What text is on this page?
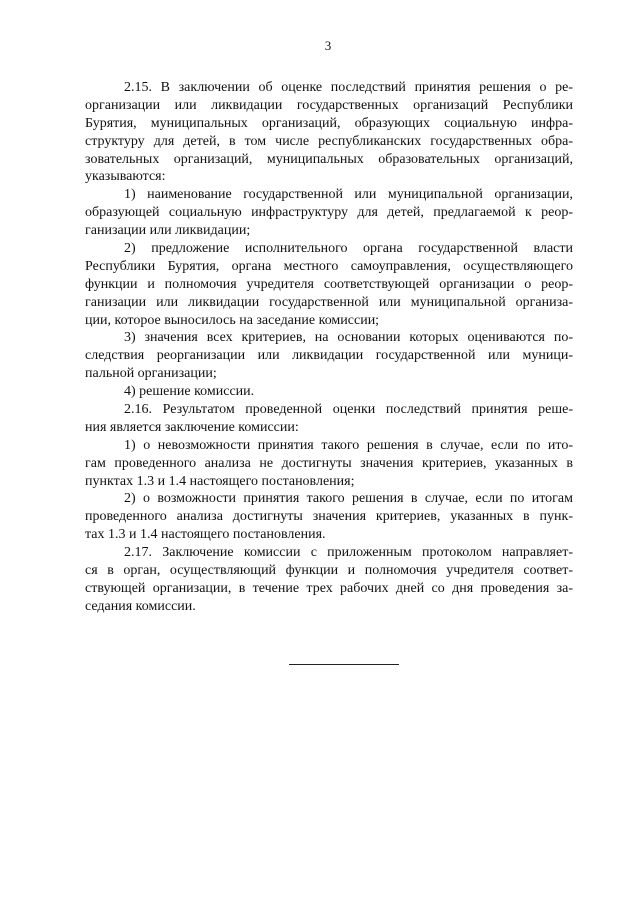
3
2.15. В заключении об оценке последствий принятия решения о ре-
организации или ликвидации государственных организаций Республики
Бурятия, муниципальных организаций, образующих социальную инфра-
структуру для детей, в том числе республиканских государственных обра-
зовательных организаций, муниципальных образовательных организаций,
указываются:
1) наименование государственной или муниципальной организации,
образующей социальную инфраструктуру для детей, предлагаемой к реор-
ганизации или ликвидации;
2) предложение исполнительного органа государственной власти
Республики Бурятия, органа местного самоуправления, осуществляющего
функции и полномочия учредителя соответствующей организации о реор-
ганизации или ликвидации государственной или муниципальной организа-
ции, которое выносилось на заседание комиссии;
3) значения всех критериев, на основании которых оцениваются по-
следствия реорганизации или ликвидации государственной или муници-
пальной организации;
4) решение комиссии.
2.16. Результатом проведенной оценки последствий принятия реше-
ния является заключение комиссии:
1) о невозможности принятия такого решения в случае, если по ито-
гам проведенного анализа не достигнуты значения критериев, указанных в
пунктах 1.3 и 1.4 настоящего постановления;
2) о возможности принятия такого решения в случае, если по итогам
проведенного анализа достигнуты значения критериев, указанных в пунк-
тах 1.3 и 1.4 настоящего постановления.
2.17. Заключение комиссии с приложенным протоколом направляет-
ся в орган, осуществляющий функции и полномочия учредителя соответ-
ствующей организации, в течение трех рабочих дней со дня проведения за-
седания комиссии.
